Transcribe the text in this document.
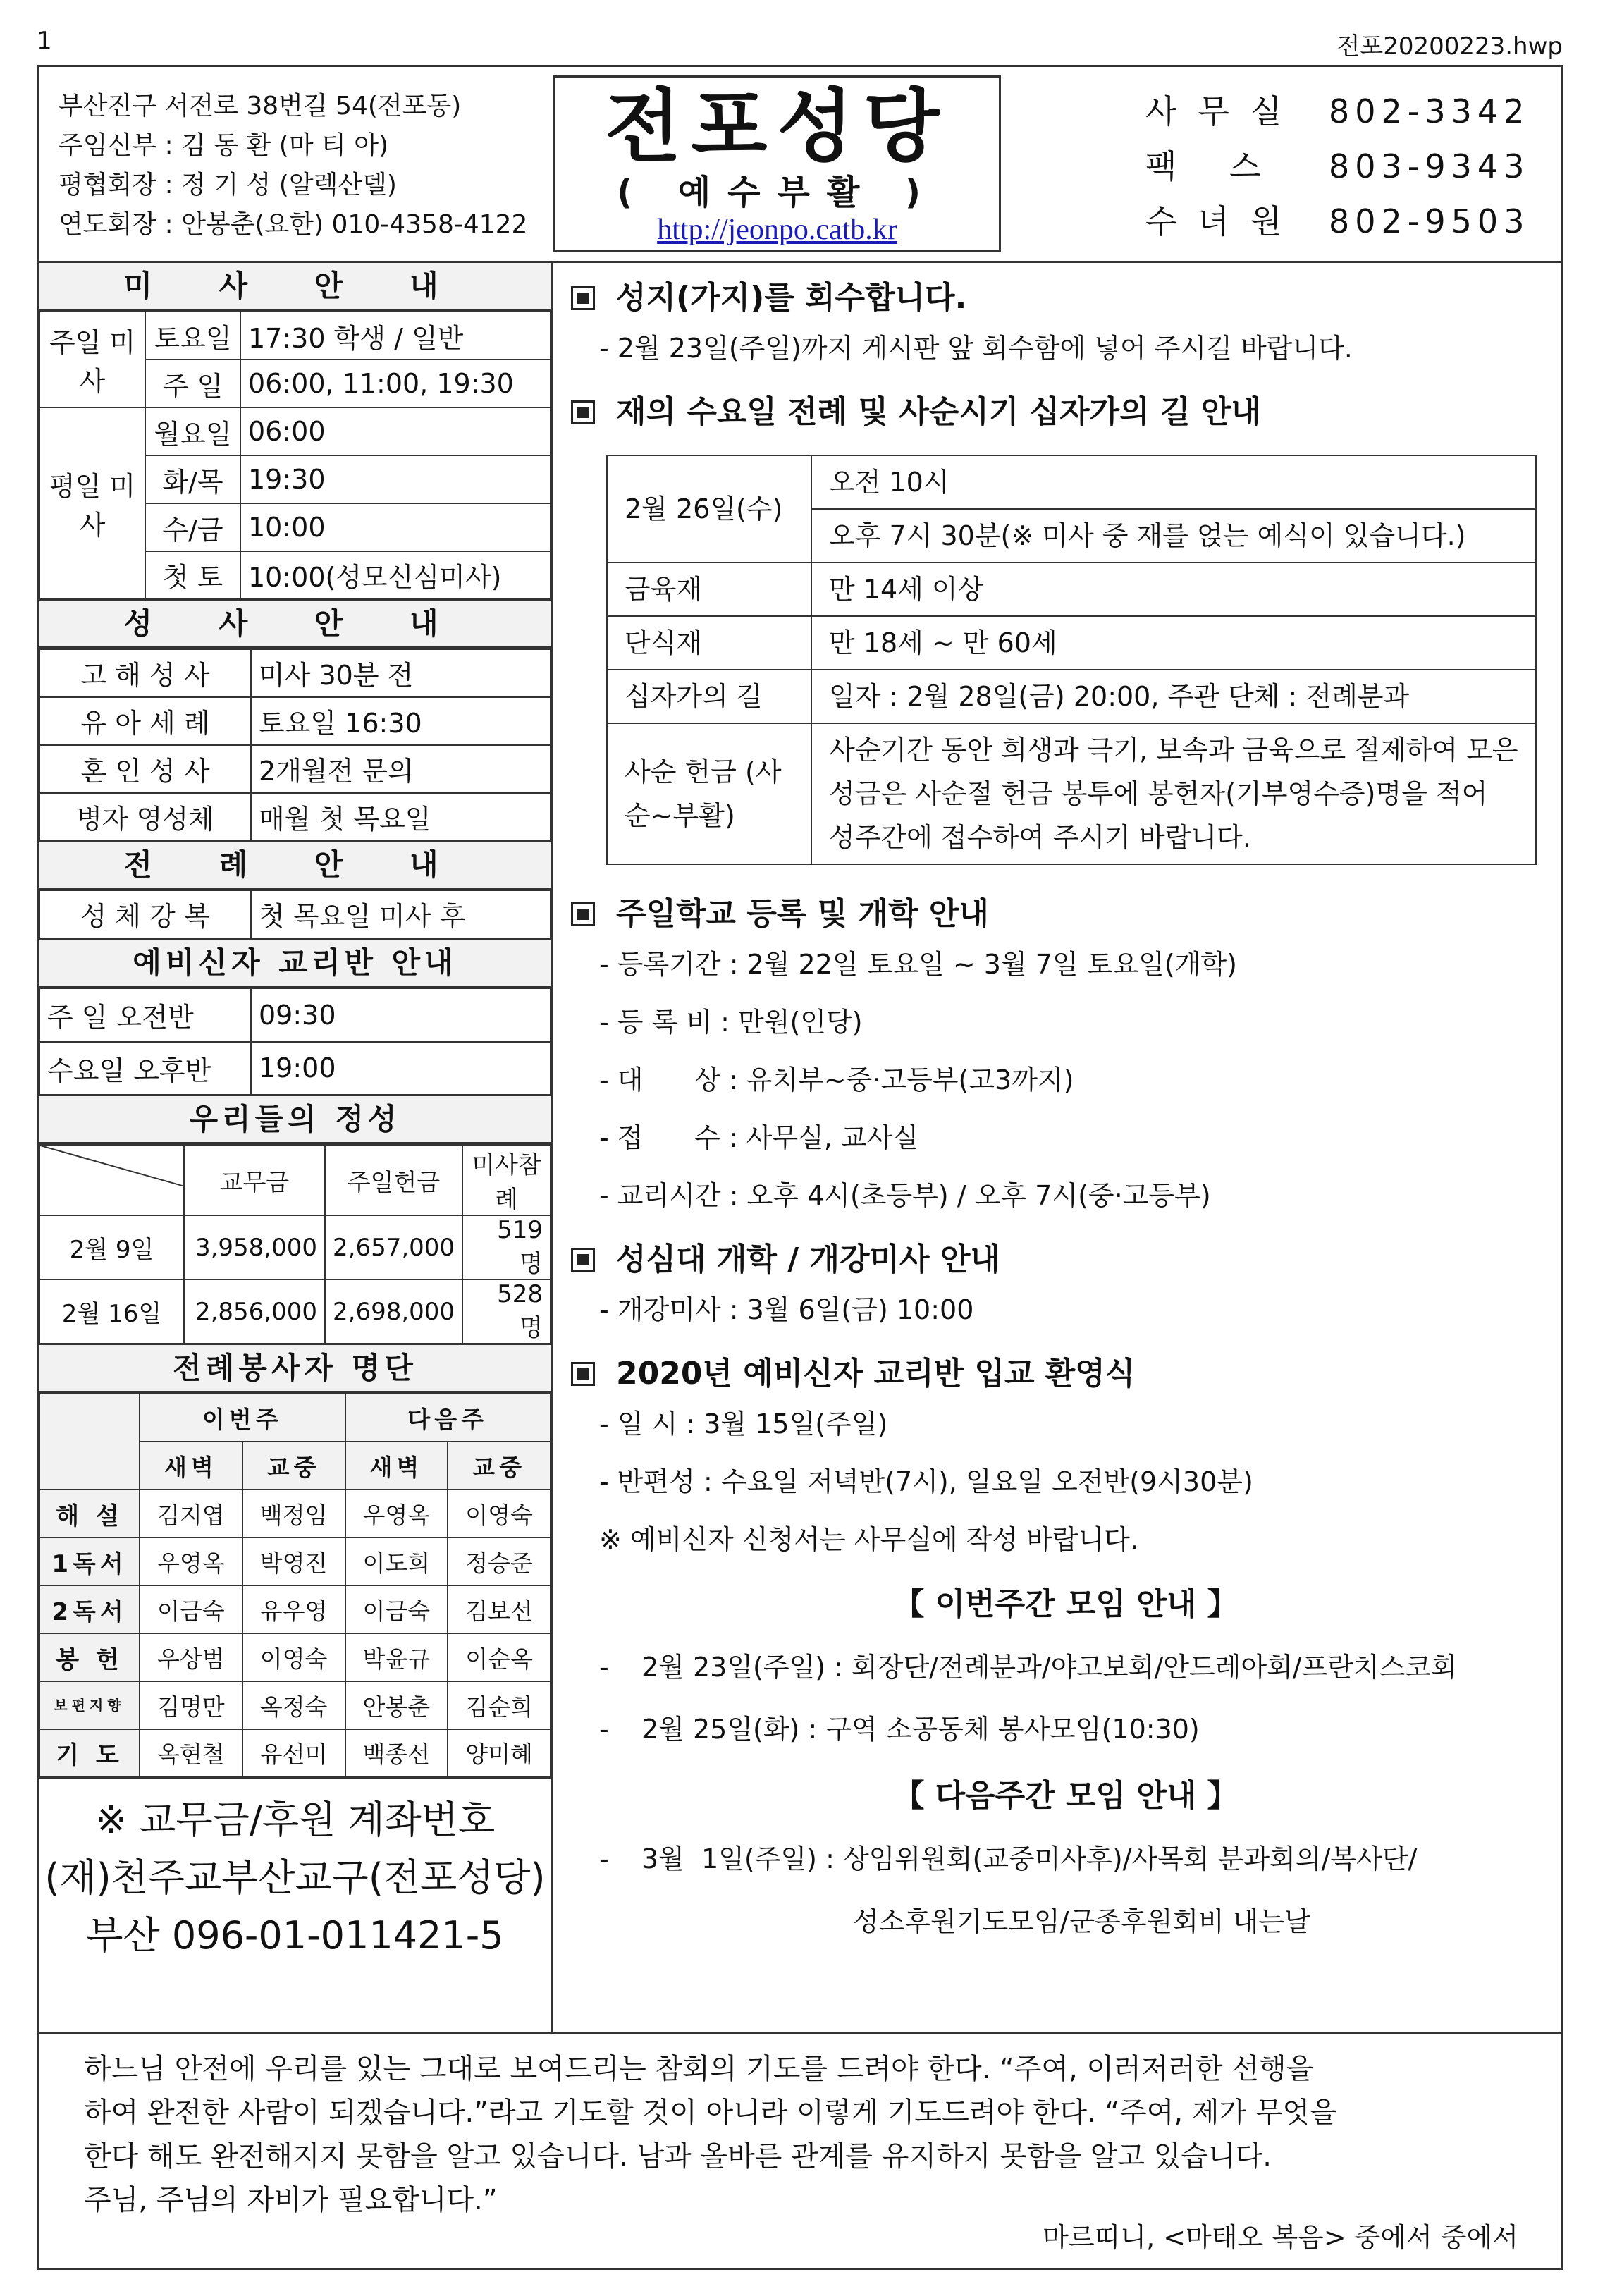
1	전포20200223.hwp
부산진구 서전로 38번길 54(전포동)
주임신부 : 김 동 환 (마 티 아)
평협회장 : 정 기 성 (알렉산델)
연도회장 : 안봉춘(요한) 010-4358-4122
전포성당
( 예수부활 )
http://jeonpo.catb.kr
사무실 802-3342
팩 스	803-9343
수녀원 802-9503
미 사 안 내
주일 미사	토요일	17:30 학생 / 일반
	주 일	06:00, 11:00, 19:30
평일 미사	월요일	06:00
	화/목	19:30
	수/금	10:00
	첫 토	10:00(성모신심미사)
성 사 안 내
고 해 성 사	미사 30분 전
유 아 세 례	토요일 16:30
혼 인 성 사	2개월전 문의
병자 영성체	매월 첫 목요일
전 례 안 내
성 체 강 복	첫 목요일 미사 후
예비신자 교리반 안내
주 일 오전반	09:30
수요일 오후반	19:00
우리들의 정성
	교무금	주일헌금	미사참례
2월 9일	3,958,000	2,657,000	519 명
2월 16일	2,856,000	2,698,000	528 명
전례봉사자 명단
	이번주		다음주	
	새벽	교중	새벽	교중
해 설	김지엽	백정임	우영옥	이영숙
1독서	우영옥	박영진	이도희	정승준
2독서	이금숙	유우영	이금숙	김보선
봉 헌	우상범	이영숙	박윤규	이순옥

보편지향	김명만	옥정숙	안봉춘	김순희
기 도	옥현철	유선미	백종선	양미혜
※ 교무금/후원 계좌번호
(재)천주교부산교구(전포성당)
부산 096-01-011421-5
성지(가지)를 회수합니다.
- 2월 23일(주일)까지 게시판 앞 회수함에 넣어 주시길 바랍니다.
재의 수요일 전례 및 사순시기 십자가의 길 안내
2월 26일(수)	오전 10시
	오후 7시 30분(※ 미사 중 재를 얹는 예식이 있습니다.)
금육재	만 14세 이상
단식재	만 18세 ~ 만 60세
십자가의 길	일자 : 2월 28일(금) 20:00, 주관 단체 : 전례분과
사순 헌금 (사순~부활)	사순기간 동안 희생과 극기, 보속과 금육으로 절제하여 모은 성금은 사순절 헌금 봉투에 봉헌자(기부영수증)명을 적어 성주간에 접수하여 주시기 바랍니다.
주일학교 등록 및 개학 안내
- 등록기간 : 2월 22일 토요일 ~ 3월 7일 토요일(개학)
- 등 록 비 : 만원(인당)
- 대      상 : 유치부~중·고등부(고3까지)
- 접      수 : 사무실, 교사실
- 교리시간 : 오후 4시(초등부) / 오후 7시(중·고등부)
성심대 개학 / 개강미사 안내
- 개강미사 : 3월 6일(금) 10:00
2020년 예비신자 교리반 입교 환영식
- 일 시 : 3월 15일(주일)
- 반편성 : 수요일 저녁반(7시), 일요일 오전반(9시30분)
※ 예비신자 신청서는 사무실에 작성 바랍니다.
【 이번주간 모임 안내 】
- 2월 23일(주일) : 회장단/전례분과/야고보회/안드레아회/프란치스코회
- 2월 25일(화) : 구역 소공동체 봉사모임(10:30)
【 다음주간 모임 안내 】
- 3월  1일(주일) : 상임위원회(교중미사후)/사목회 분과회의/복사단/
성소후원기도모임/군종후원회비 내는날
하느님 안전에 우리를 있는 그대로 보여드리는 참회의 기도를 드려야 한다. “주여, 이러저러한 선행을
하여 완전한 사람이 되겠습니다.”라고 기도할 것이 아니라 이렇게 기도드려야 한다. “주여, 제가 무엇을
한다 해도 완전해지지 못함을 알고 있습니다. 남과 올바른 관계를 유지하지 못함을 알고 있습니다.
주님, 주님의 자비가 필요합니다.”
마르띠니, <마태오 복음> 중에서 중에서
